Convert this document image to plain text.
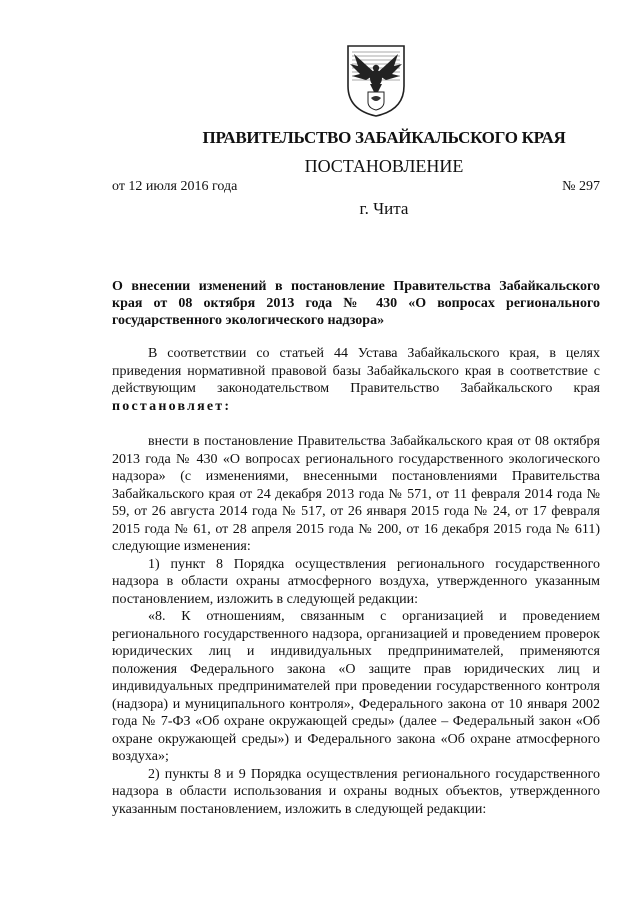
ПРАВИТЕЛЬСТВО ЗАБАЙКАЛЬСКОГО КРАЯ
ПОСТАНОВЛЕНИЕ
от 12 июля 2016 года	№ 297
г. Чита
О внесении изменений в постановление Правительства Забайкальского края от 08 октября 2013 года № 430 «О вопросах регионального государственного экологического надзора»

В соответствии со статьей 44 Устава Забайкальского края, в целях приведения нормативной правовой базы Забайкальского края в соответствие с действующим законодательством Правительство Забайкальского края постановляет:

внести в постановление Правительства Забайкальского края от 08 октября 2013 года № 430 «О вопросах регионального государственного экологического надзора» (с изменениями, внесенными постановлениями Правительства Забайкальского края от 24 декабря 2013 года № 571, от 11 февраля 2014 года № 59, от 26 августа 2014 года № 517, от 26 января 2015 года № 24, от 17 февраля 2015 года № 61, от 28 апреля 2015 года № 200, от 16 декабря 2015 года № 611) следующие изменения:

1) пункт 8 Порядка осуществления регионального государственного надзора в области охраны атмосферного воздуха, утвержденного указанным постановлением, изложить в следующей редакции:

«8. К отношениям, связанным с организацией и проведением регионального государственного надзора, организацией и проведением проверок юридических лиц и индивидуальных предпринимателей, применяются положения Федерального закона «О защите прав юридических лиц и индивидуальных предпринимателей при проведении государственного контроля (надзора) и муниципального контроля», Федерального закона от 10 января 2002 года № 7-ФЗ «Об охране окружающей среды» (далее – Федеральный закон «Об охране окружающей среды») и Федерального закона «Об охране атмосферного воздуха»;

2) пункты 8 и 9 Порядка осуществления регионального государственного надзора в области использования и охраны водных объектов, утвержденного указанным постановлением, изложить в следующей редакции:
